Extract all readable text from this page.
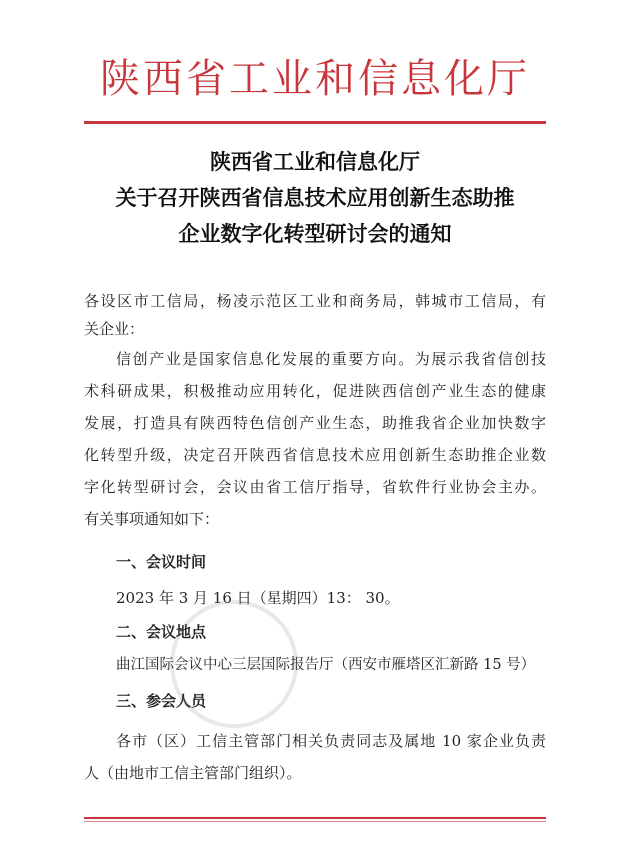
陕西省工业和信息化厅
陕西省工业和信息化厅
关于召开陕西省信息技术应用创新生态助推
企业数字化转型研讨会的通知
各设区市工信局，杨凌示范区工业和商务局，韩城市工信局，有
关企业：
信创产业是国家信息化发展的重要方向。为展示我省信创技
术科研成果，积极推动应用转化，促进陕西信创产业生态的健康
发展，打造具有陕西特色信创产业生态，助推我省企业加快数字
化转型升级，决定召开陕西省信息技术应用创新生态助推企业数
字化转型研讨会，会议由省工信厅指导，省软件行业协会主办。
有关事项通知如下：
一、会议时间
2023 年 3 月 16 日（星期四）13： 30。
二、会议地点
曲江国际会议中心三层国际报告厅（西安市雁塔区汇新路 15 号）
三、参会人员
各市（区）工信主管部门相关负责同志及属地 10 家企业负责
人（由地市工信主管部门组织）。
